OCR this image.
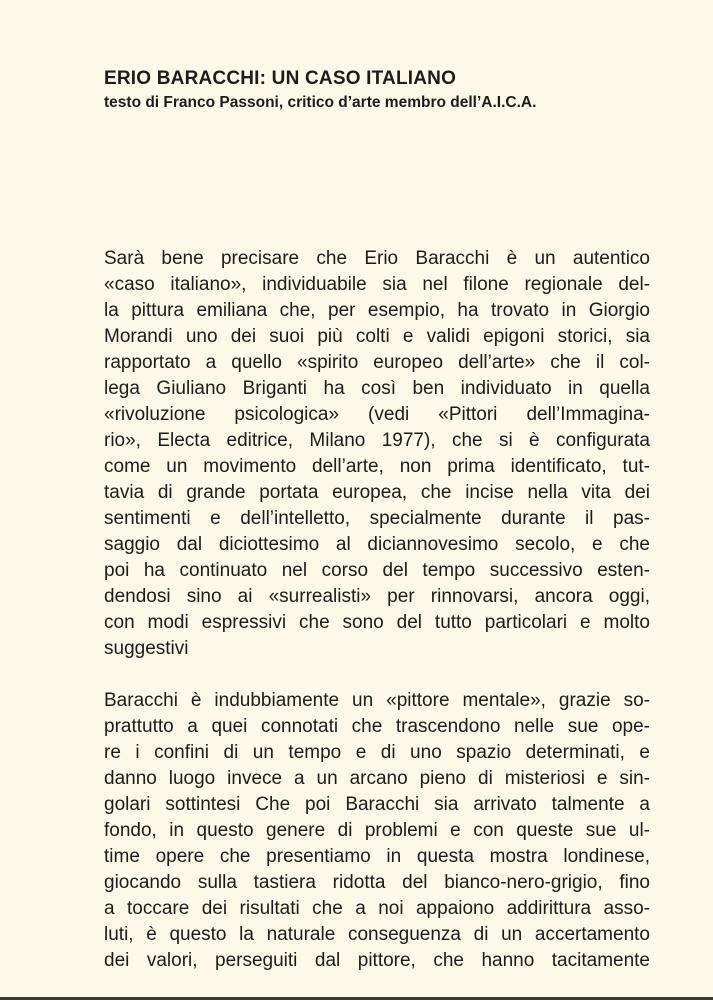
ERIO BARACCHI: UN CASO ITALIANO

testo di Franco Passoni, critico d’arte membro dell’A.I.C.A.

Sarà bene precisare che Erio Baracchi è un autentico
«caso italiano», individuabile sia nel filone regionale del-
la pittura emiliana che, per esempio, ha trovato in Giorgio
Morandi uno dei suoi più colti e validi epigoni storici, sia
rapportato a quello «spirito europeo dell’arte» che il col-
lega Giuliano Briganti ha così ben individuato in quella
«rivoluzione psicologica» (vedi «Pittori dell’Immagina-
rio», Electa editrice, Milano 1977), che si è configurata
come un movimento dell’arte, non prima identificato, tut-
tavia di grande portata europea, che incise nella vita dei
sentimenti e dell’intelletto, specialmente durante il pas-
saggio dal diciottesimo al diciannovesimo secolo, e che
poi ha continuato nel corso del tempo successivo esten-
dendosi sino ai «surrealisti» per rinnovarsi, ancora oggi,
con modi espressivi che sono del tutto particolari e molto
suggestivi

Baracchi è indubbiamente un «pittore mentale», grazie so-
prattutto a quei connotati che trascendono nelle sue ope-
re i confini di un tempo e di uno spazio determinati, e
danno luogo invece a un arcano pieno di misteriosi e sin-
golari sottintesi Che poi Baracchi sia arrivato talmente a
fondo, in questo genere di problemi e con queste sue ul-
time opere che presentiamo in questa mostra londinese,
giocando sulla tastiera ridotta del bianco-nero-grigio, fino
a toccare dei risultati che a noi appaiono addirittura asso-
luti, è questo la naturale conseguenza di un accertamento
dei valori, perseguiti dal pittore, che hanno tacitamente
